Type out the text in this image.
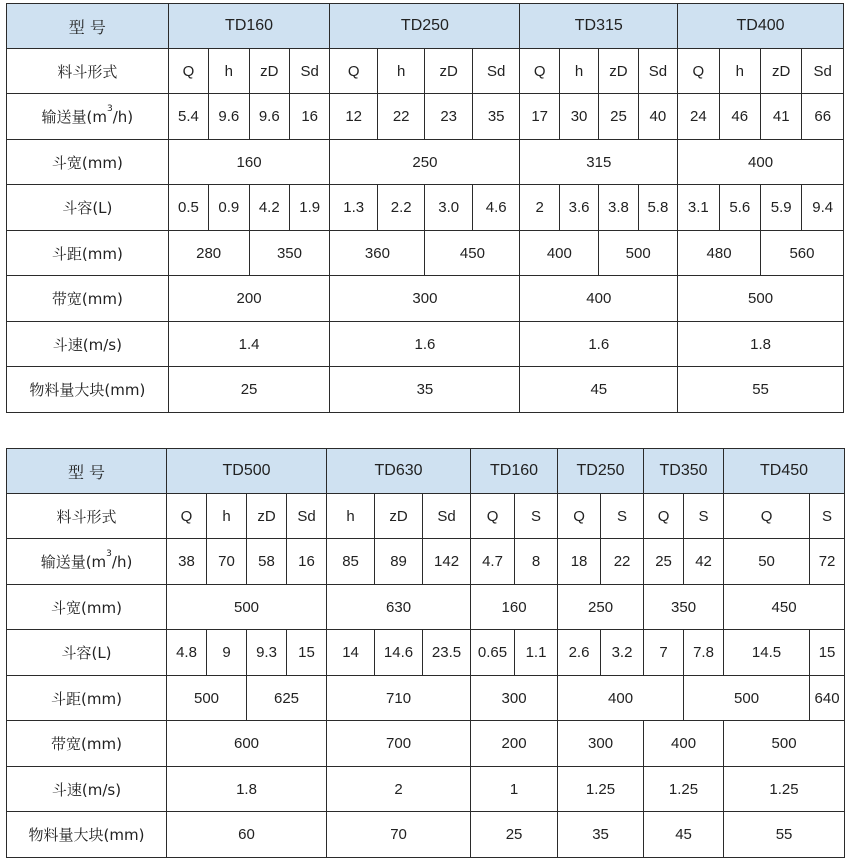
型 号	TD160				TD250				TD315				TD400			
料斗形式	Q	h	zD	Sd	Q	h	zD	Sd	Q	h	zD	Sd	Q	h	zD	Sd
输送量$(m^3/h)$	5.4	9.6	9.6	16	12	22	23	35	17	30	25	40	24	46	41	66
斗宽(mm)	160				250				315				400			
斗容(L)	0.5	0.9	4.2	1.9	1.3	2.2	3.0	4.6	2	3.6	3.8	5.8	3.1	5.6	5.9	9.4
斗距(mm)	280		350		360		450		400		500		480		560	
带宽(mm)	200				300				400				500			
斗速(m/s)	1.4				1.6				1.6				1.8			
物料量大块(mm)	25				35				45				55			
型 号	TD500				TD630			TD160		TD250		TD350		TD450	
料斗形式	Q	h	zD	Sd	h	zD	Sd	Q	S	Q	S	Q	S	Q	S
输送量$(m^3/h)$	38	70	58	16	85	89	142	4.7	8	18	22	25	42	50	72
斗宽(mm)	500				630			160		250		350		450	
斗容(L)	4.8	9	9.3	15	14	14.6	23.5	0.65	1.1	2.6	3.2	7	7.8	14.5	15
斗距(mm)	500		625		710			300		400			500		640
带宽(mm)	600				700			200		300		400		500	
斗速(m/s)	1.8				2			1		1.25		1.25		1.25	
物料量大块(mm)	60				70			25		35		45		55	
